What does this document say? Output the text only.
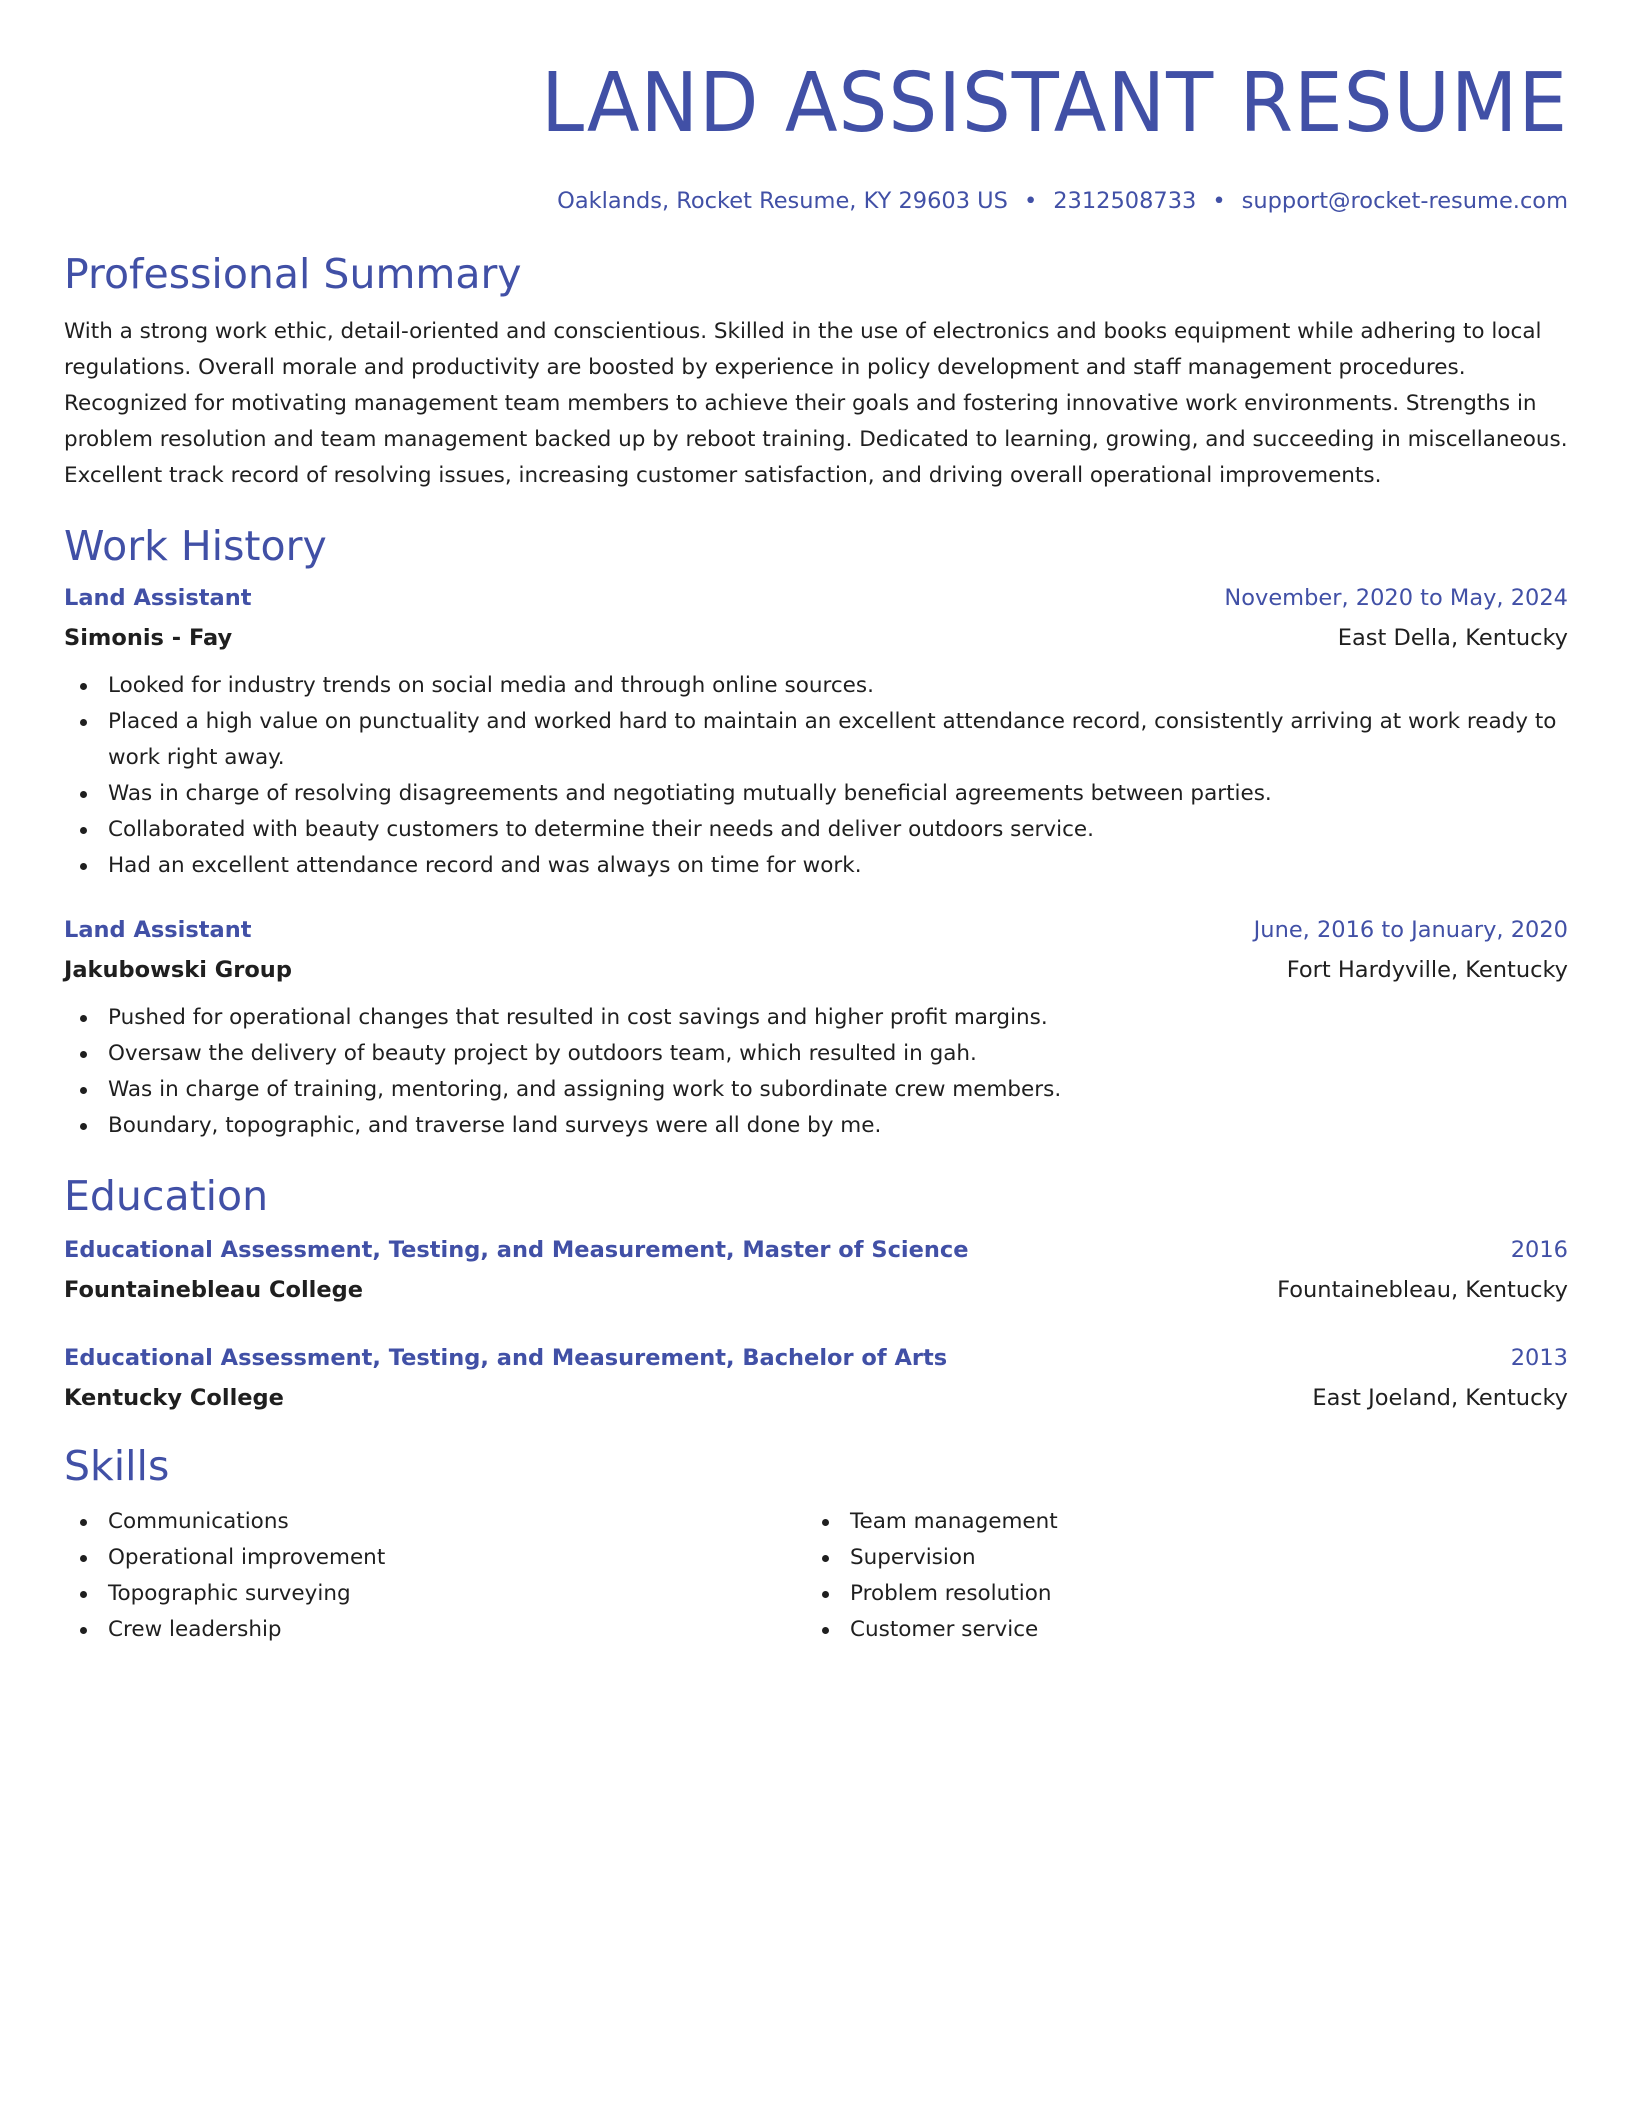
LAND ASSISTANT RESUME
Oaklands, Rocket Resume, KY 29603 US • 2312508733 • support@rocket-resume.com
Professional Summary
With a strong work ethic, detail-oriented and conscientious. Skilled in the use of electronics and books equipment while adhering to local regulations. Overall morale and productivity are boosted by experience in policy development and staff management procedures. Recognized for motivating management team members to achieve their goals and fostering innovative work environments. Strengths in problem resolution and team management backed up by reboot training. Dedicated to learning, growing, and succeeding in miscellaneous. Excellent track record of resolving issues, increasing customer satisfaction, and driving overall operational improvements.
Work History
Land Assistant	November, 2020 to May, 2024
Simonis - Fay	East Della, Kentucky
Looked for industry trends on social media and through online sources.
Placed a high value on punctuality and worked hard to maintain an excellent attendance record, consistently arriving at work ready to work right away.
Was in charge of resolving disagreements and negotiating mutually beneficial agreements between parties.
Collaborated with beauty customers to determine their needs and deliver outdoors service.
Had an excellent attendance record and was always on time for work.
Land Assistant	June, 2016 to January, 2020
Jakubowski Group	Fort Hardyville, Kentucky
Pushed for operational changes that resulted in cost savings and higher profit margins.
Oversaw the delivery of beauty project by outdoors team, which resulted in gah.
Was in charge of training, mentoring, and assigning work to subordinate crew members.
Boundary, topographic, and traverse land surveys were all done by me.
Education
Educational Assessment, Testing, and Measurement, Master of Science	2016
Fountainebleau College	Fountainebleau, Kentucky
Educational Assessment, Testing, and Measurement, Bachelor of Arts	2013
Kentucky College	East Joeland, Kentucky
Skills
Communications
Operational improvement
Topographic surveying
Crew leadership
Team management
Supervision
Problem resolution
Customer service
